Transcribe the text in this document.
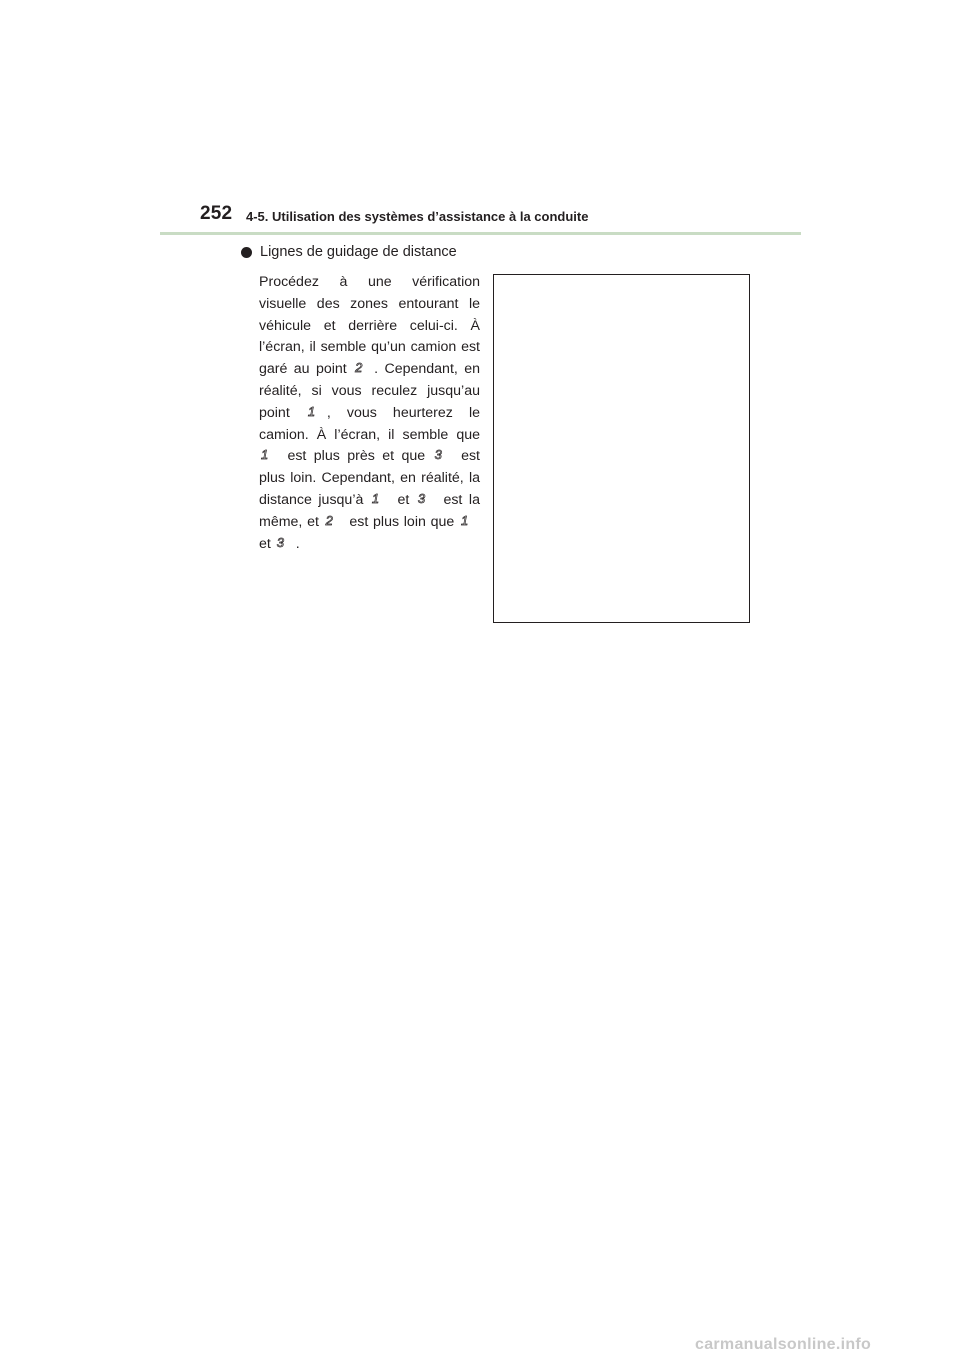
252 4-5. Utilisation des systèmes d’assistance à la conduite
Lignes de guidage de distance
Procédez à une vérification visuelle des zones entourant le véhicule et derrière celui-ci. À l’écran, il semble qu’un camion est garé au point 2 . Cependant, en réalité, si vous reculez jusqu’au point 1 , vous heurterez le camion. À l’écran, il semble que 1 est plus près et que 3 est plus loin. Cependant, en réalité, la distance jusqu’à 1 et 3 est la même, et 2 est plus loin que 1 et 3 .
carmanualsonline.info
